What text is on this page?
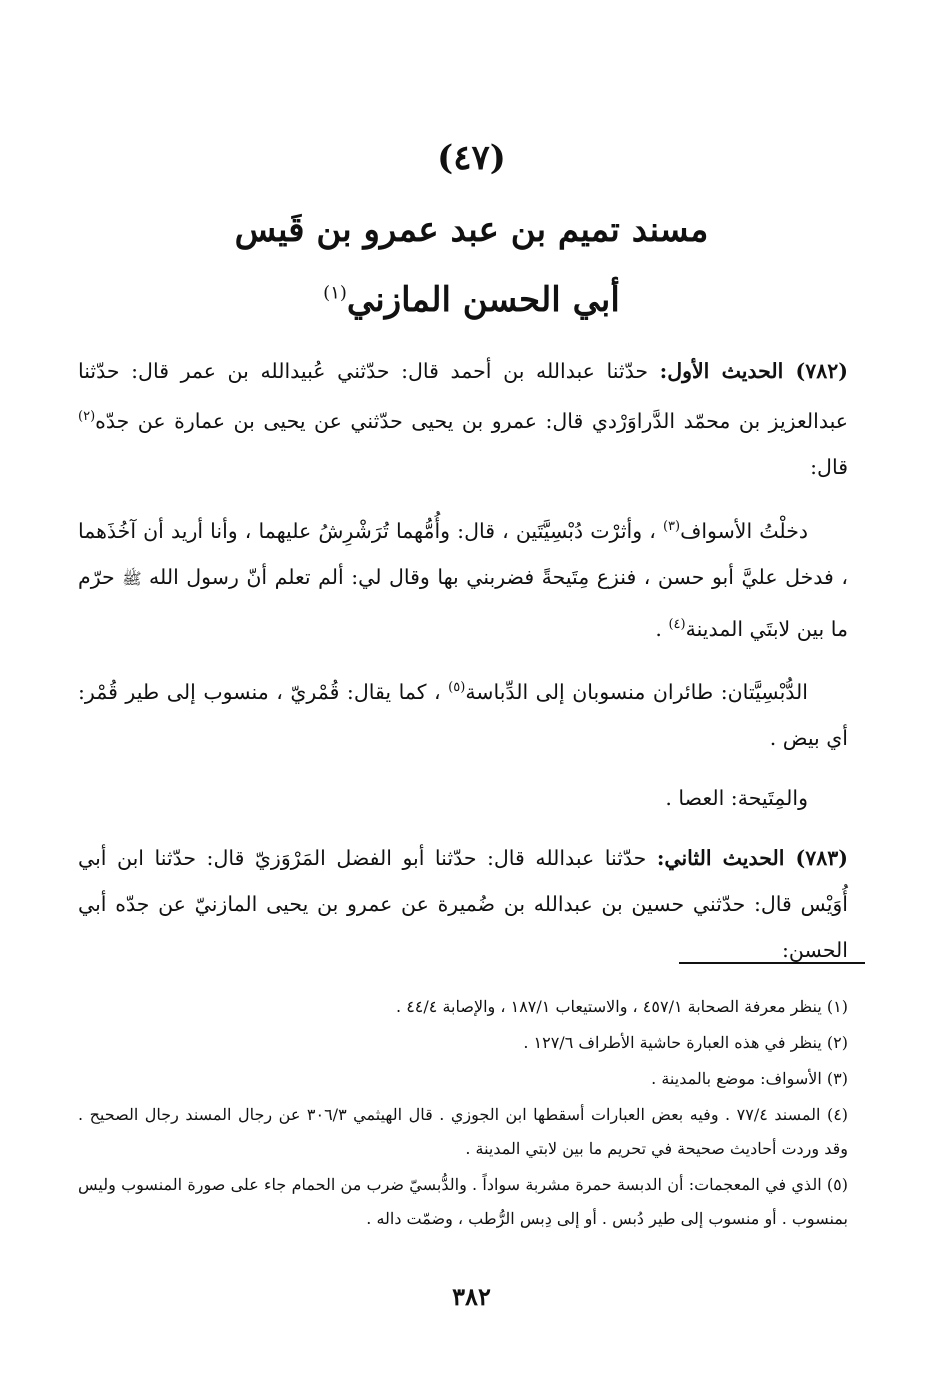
(٤٧)
مسند تميم بن عبد عمرو بن قَيس
أبي الحسن المازني$^{(١)}$

(٧٨٢) الحديث الأول: حدّثنا عبدالله بن أحمد قال: حدّثني عُبيدالله بن عمر قال: حدّثنا عبدالعزيز بن محمّد الدَّراوَرْدي قال: عمرو بن يحيى حدّثني عن يحيى بن عمارة عن جدّه$^{(٢)}$ قال:

دخلْتُ الأسواف$^{(٣)}$ ، وأثرْت دُبْسِيَّتَين ، قال: وأُمُّهما تُرَشْرِشُ عليهما ، وأنا أريد أن آخُذَهما ، فدخل عليَّ أبو حسن ، فنزع مِتَيحةً فضربني بها وقال لي: ألم تعلم أنّ رسول الله ﷺ حرّم ما بين لابتَي المدينة$^{(٤)}$ .

الدُّبْسِيَّتان: طائران منسوبان إلى الدِّباسة$^{(٥)}$ ، كما يقال: قُمْريّ ، منسوب إلى طير قُمْر: أي بيض .

والمِتَيحة: العصا .

(٧٨٣) الحديث الثاني: حدّثنا عبدالله قال: حدّثنا أبو الفضل المَرْوَزيّ قال: حدّثنا ابن أبي أُوَيْس قال: حدّثني حسين بن عبدالله بن ضُميرة عن عمرو بن يحيى المازنيّ عن جدّه أبي الحسن:

(١) ينظر معرفة الصحابة ٤٥٧/١ ، والاستيعاب ١٨٧/١ ، والإصابة ٤٤/٤ .

(٢) ينظر في هذه العبارة حاشية الأطراف ١٢٧/٦ .

(٣) الأسواف: موضع بالمدينة .

(٤) المسند ٧٧/٤ . وفيه بعض العبارات أسقطها ابن الجوزي . قال الهيثمي ٣٠٦/٣ عن رجال المسند رجال الصحيح . وقد وردت أحاديث صحيحة في تحريم ما بين لابتي المدينة .

(٥) الذي في المعجمات: أن الدبسة حمرة مشربة سواداً . والدُّبسيّ ضرب من الحمام جاء على صورة المنسوب وليس بمنسوب . أو منسوب إلى طير دُبس . أو إلى دِبس الرُّطب ، وضمّت داله .

٣٨٢
